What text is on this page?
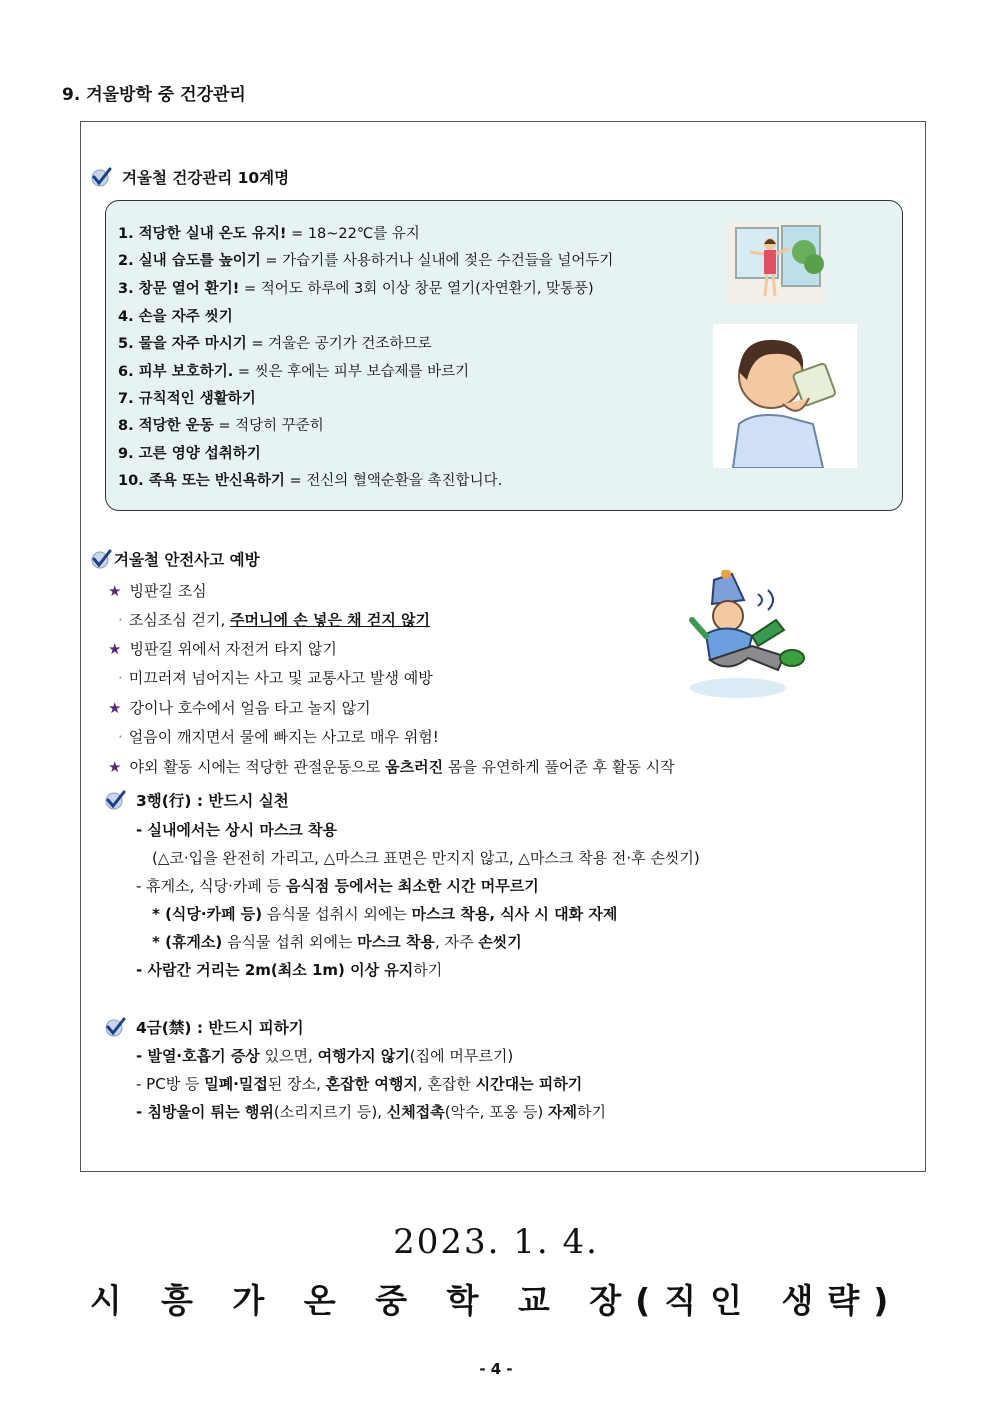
9. 겨울방학 중 건강관리
겨울철 건강관리 10계명
1. 적당한 실내 온도 유지! = 18~22℃를 유지
2. 실내 습도를 높이기 = 가습기를 사용하거나 실내에 젖은 수건들을 널어두기
3. 창문 열어 환기! = 적어도 하루에 3회 이상 창문 열기(자연환기, 맞통풍)
4. 손을 자주 씻기
5. 물을 자주 마시기 = 겨울은 공기가 건조하므로
6. 피부 보호하기. = 씻은 후에는 피부 보습제를 바르기
7. 규칙적인 생활하기
8. 적당한 운동 = 적당히 꾸준히
9. 고른 영양 섭취하기
10. 족욕 또는 반신욕하기 = 전신의 혈액순환을 촉진합니다.
겨울철 안전사고 예방
★ 빙판길 조심
· 조심조심 걷기, 주머니에 손 넣은 채 걷지 않기
★ 빙판길 위에서 자전거 타지 않기
· 미끄러져 넘어지는 사고 및 교통사고 발생 예방
★ 강이나 호수에서 얼음 타고 놀지 않기
· 얼음이 깨지면서 물에 빠지는 사고로 매우 위험!
★ 야외 활동 시에는 적당한 관절운동으로 움츠러진 몸을 유연하게 풀어준 후 활동 시작
3행(行) : 반드시 실천
- 실내에서는 상시 마스크 착용
(△코·입을 완전히 가리고, △마스크 표면은 만지지 않고, △마스크 착용 전·후 손씻기)
- 휴게소, 식당·카페 등 음식점 등에서는 최소한 시간 머무르기
* (식당·카페 등) 음식물 섭취시 외에는 마스크 착용, 식사 시 대화 자제
* (휴게소) 음식물 섭취 외에는 마스크 착용, 자주 손씻기
- 사람간 거리는 2m(최소 1m) 이상 유지하기
4금(禁) : 반드시 피하기
- 발열·호흡기 증상 있으면, 여행가지 않기(집에 머무르기)
- PC방 등 밀폐·밀접된 장소, 혼잡한 여행지, 혼잡한 시간대는 피하기
- 침방울이 튀는 행위(소리지르기 등), 신체접촉(악수, 포옹 등) 자제하기
2023. 1. 4.
시 흥 가 온 중 학 교 장(직인 생략)
- 4 -
